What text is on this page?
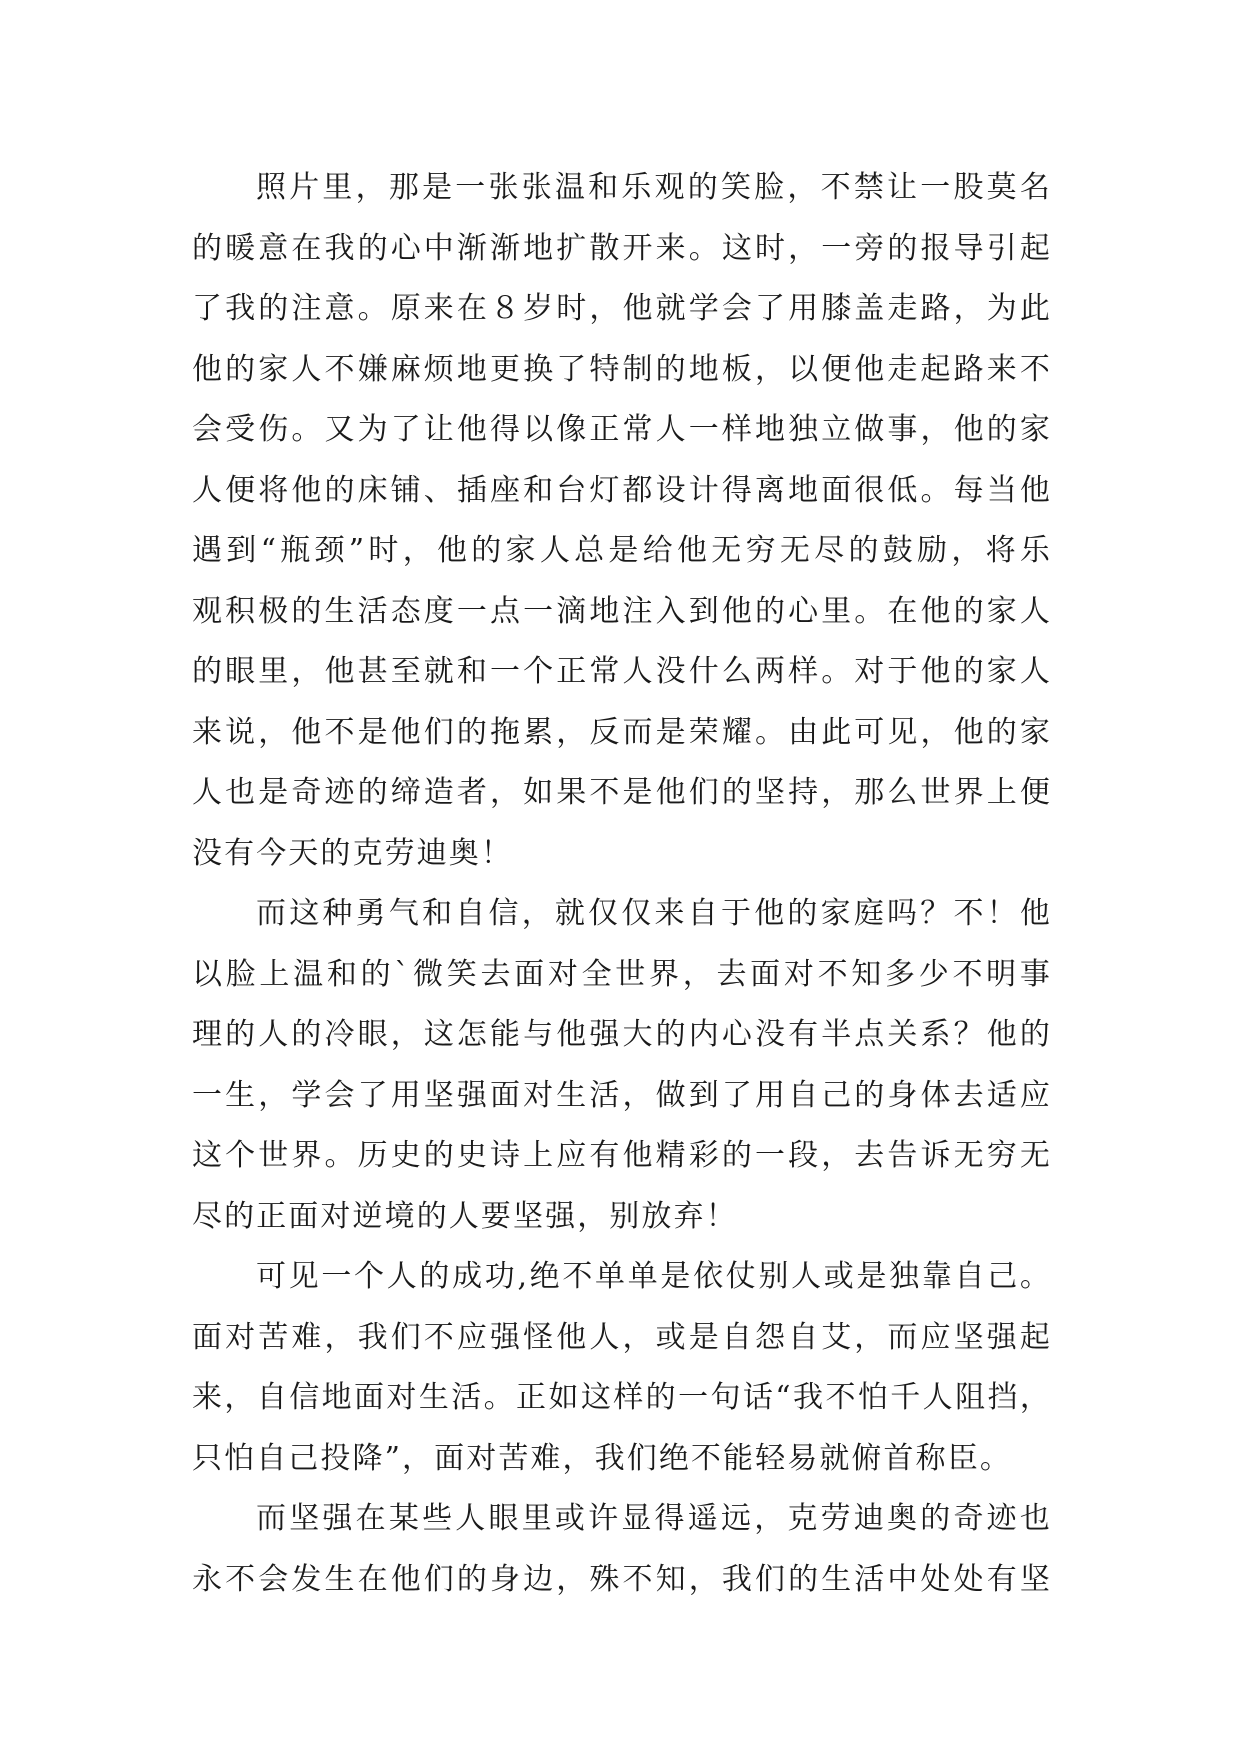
照片里，那是一张张温和乐观的笑脸，不禁让一股莫名
的暖意在我的心中渐渐地扩散开来。这时，一旁的报导引起
了我的注意。原来在８岁时，他就学会了用膝盖走路，为此
他的家人不嫌麻烦地更换了特制的地板，以便他走起路来不
会受伤。又为了让他得以像正常人一样地独立做事，他的家
人便将他的床铺、插座和台灯都设计得离地面很低。每当他
遇到“瓶颈”时，他的家人总是给他无穷无尽的鼓励，将乐
观积极的生活态度一点一滴地注入到他的心里。在他的家人
的眼里，他甚至就和一个正常人没什么两样。对于他的家人
来说，他不是他们的拖累，反而是荣耀。由此可见，他的家
人也是奇迹的缔造者，如果不是他们的坚持，那么世界上便
没有今天的克劳迪奥！

而这种勇气和自信，就仅仅来自于他的家庭吗？不！他
以脸上温和的`微笑去面对全世界，去面对不知多少不明事
理的人的冷眼，这怎能与他强大的内心没有半点关系？他的
一生，学会了用坚强面对生活，做到了用自己的身体去适应
这个世界。历史的史诗上应有他精彩的一段，去告诉无穷无
尽的正面对逆境的人要坚强，别放弃！

可见一个人的成功,绝不单单是依仗别人或是独靠自己。
面对苦难，我们不应强怪他人，或是自怨自艾，而应坚强起
来，自信地面对生活。正如这样的一句话“我不怕千人阻挡，
只怕自己投降”，面对苦难，我们绝不能轻易就俯首称臣。

而坚强在某些人眼里或许显得遥远，克劳迪奥的奇迹也
永不会发生在他们的身边，殊不知，我们的生活中处处有坚
